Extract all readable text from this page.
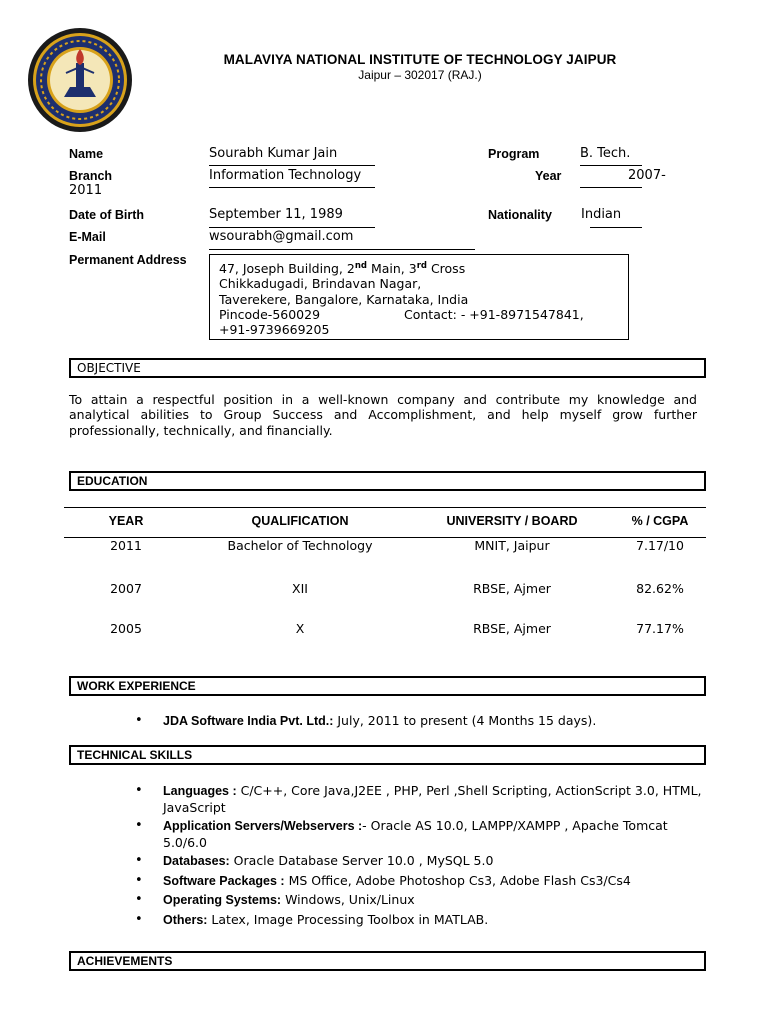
MALAVIYA NATIONAL INSTITUTE OF TECHNOLOGY JAIPUR
Jaipur – 302017 (RAJ.)
Name	Sourabh Kumar Jain	Program	B. Tech.
Branch	Information Technology	Year	2007-
2011
Date of Birth	September 11, 1989	Nationality Indian
E-Mail	wsourabh@gmail.com
Permanent Address
47, Joseph Building, 2nd Main, 3rd Cross
Chikkadugadi, Brindavan Nagar,
Taverekere, Bangalore, Karnataka, India
Pincode-560029	Contact: - +91-8971547841,
+91-9739669205
OBJECTIVE
To attain a respectful position in a well-known company and contribute my knowledge and analytical abilities to Group Success and Accomplishment, and help myself grow further professionally, technically, and financially.
EDUCATION
YEAR	QUALIFICATION	UNIVERSITY / BOARD	% / CGPA
2011	Bachelor of Technology	MNIT, Jaipur	7.17/10
2007	XII	RBSE, Ajmer	82.62%
2005	X	RBSE, Ajmer	77.17%
WORK EXPERIENCE
• JDA Software India Pvt. Ltd.: July, 2011 to present (4 Months 15 days).
TECHNICAL SKILLS
• Languages : C/C++, Core Java,J2EE , PHP, Perl ,Shell Scripting, ActionScript 3.0, HTML, JavaScript
• Application Servers/Webservers :- Oracle AS 10.0, LAMPP/XAMPP , Apache Tomcat 5.0/6.0
• Databases: Oracle Database Server 10.0 , MySQL 5.0
• Software Packages : MS Office, Adobe Photoshop Cs3, Adobe Flash Cs3/Cs4
• Operating Systems: Windows, Unix/Linux
• Others: Latex, Image Processing Toolbox in MATLAB.
ACHIEVEMENTS
